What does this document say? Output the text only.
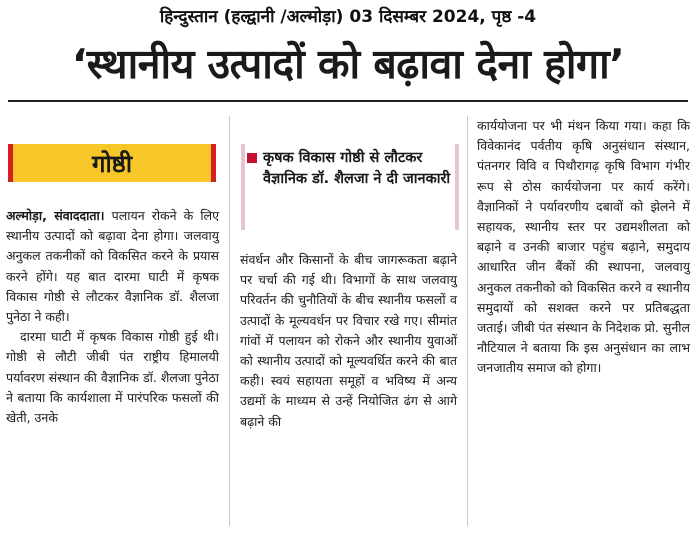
हिन्दुस्तान (हल्द्वानी /अल्मोड़ा) 03 दिसम्बर 2024, पृष्ठ -4
‘स्थानीय उत्पादों को बढ़ावा देना होगा’
गोष्ठी	कृषक विकास गोष्ठी से लौटकर वैज्ञानिक डॉ. शैलजा ने दी जानकारी

अल्मोड़ा, संवाददाता। पलायन रोकने के लिए स्थानीय उत्पादों को बढ़ावा देना होगा। जलवायु अनुकल तकनीकों को विकसित करने के प्रयास करने होंगे। यह बात दारमा घाटी में कृषक विकास गोष्ठी से लौटकर वैज्ञानिक डॉ. शैलजा पुनेठा ने कही।

दारमा घाटी में कृषक विकास गोष्ठी हुई थी। गोष्ठी से लौटी जीबी पंत राष्ट्रीय हिमालयी पर्यावरण संस्थान की वैज्ञानिक डॉ. शैलजा पुनेठा ने बताया कि कार्यशाला में पारंपरिक फसलों की खेती, उनके

संवर्धन और किसानों के बीच जागरूकता बढ़ाने पर चर्चा की गई थी। विभागों के साथ जलवायु परिवर्तन की चुनौतियों के बीच स्थानीय फसलों व उत्पादों के मूल्यवर्धन पर विचार रखे गए। सीमांत गांवों में पलायन को रोकने और स्थानीय युवाओं को स्थानीय उत्पादों को मूल्यवर्धित करने की बात कही। स्वयं सहायता समूहों व भविष्य में अन्य उद्यमों के माध्यम से उन्हें नियोजित ढंग से आगे बढ़ाने की

कार्ययोजना पर भी मंथन किया गया। कहा कि विवेकानंद पर्वतीय कृषि अनुसंधान संस्थान, पंतनगर विवि व पिथौरागढ़ कृषि विभाग गंभीर रूप से ठोस कार्ययोजना पर कार्य करेंगे। वैज्ञानिकों ने पर्यावरणीय दबावों को झेलने में सहायक, स्थानीय स्तर पर उद्यमशीलता को बढ़ाने व उनकी बाजार पहुंच बढ़ाने, समुदाय आधारित जीन बैंकों की स्थापना, जलवायु अनुकल तकनीको को विकसित करने व स्थानीय समुदायों को सशक्त करने पर प्रतिबद्धता जताई। जीबी पंत संस्थान के निदेशक प्रो. सुनील नौटियाल ने बताया कि इस अनुसंधान का लाभ जनजातीय समाज को होगा।
